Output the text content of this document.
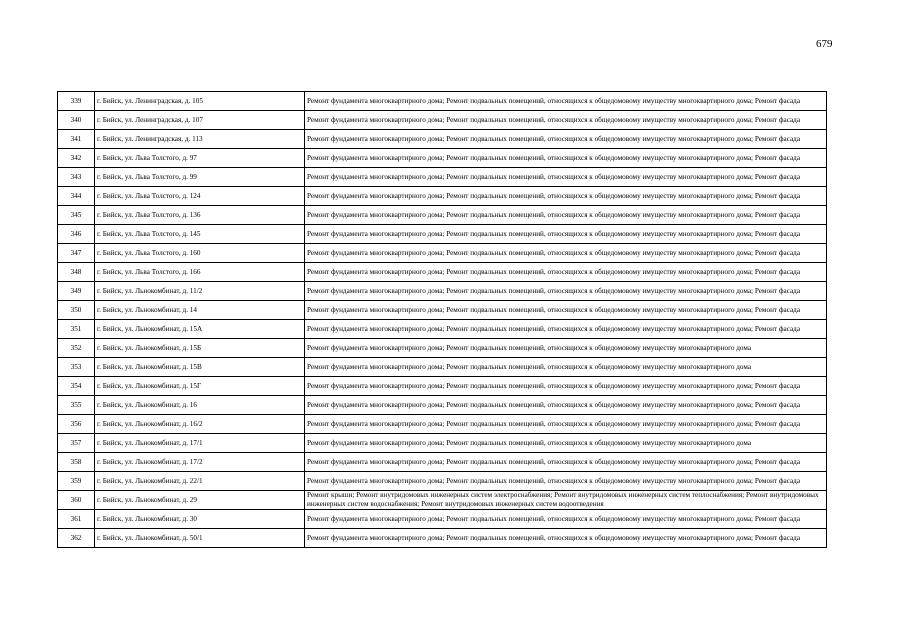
679
339	г. Бийск, ул. Ленинградская, д. 105	Ремонт фундамента многоквартирного дома; Ремонт подвальных помещений, относящихся к общедомовому имуществу многоквартирного дома; Ремонт фасада
340	г. Бийск, ул. Ленинградская, д. 107	Ремонт фундамента многоквартирного дома; Ремонт подвальных помещений, относящихся к общедомовому имуществу многоквартирного дома; Ремонт фасада
341	г. Бийск, ул. Ленинградская, д. 113	Ремонт фундамента многоквартирного дома; Ремонт подвальных помещений, относящихся к общедомовому имуществу многоквартирного дома; Ремонт фасада
342	г. Бийск, ул. Льва Толстого, д. 97	Ремонт фундамента многоквартирного дома; Ремонт подвальных помещений, относящихся к общедомовому имуществу многоквартирного дома; Ремонт фасада
343	г. Бийск, ул. Льва Толстого, д. 99	Ремонт фундамента многоквартирного дома; Ремонт подвальных помещений, относящихся к общедомовому имуществу многоквартирного дома; Ремонт фасада
344	г. Бийск, ул. Льва Толстого, д. 124	Ремонт фундамента многоквартирного дома; Ремонт подвальных помещений, относящихся к общедомовому имуществу многоквартирного дома; Ремонт фасада
345	г. Бийск, ул. Льва Толстого, д. 136	Ремонт фундамента многоквартирного дома; Ремонт подвальных помещений, относящихся к общедомовому имуществу многоквартирного дома; Ремонт фасада
346	г. Бийск, ул. Льва Толстого, д. 145	Ремонт фундамента многоквартирного дома; Ремонт подвальных помещений, относящихся к общедомовому имуществу многоквартирного дома; Ремонт фасада
347	г. Бийск, ул. Льва Толстого, д. 160	Ремонт фундамента многоквартирного дома; Ремонт подвальных помещений, относящихся к общедомовому имуществу многоквартирного дома; Ремонт фасада
348	г. Бийск, ул. Льва Толстого, д. 166	Ремонт фундамента многоквартирного дома; Ремонт подвальных помещений, относящихся к общедомовому имуществу многоквартирного дома; Ремонт фасада
349	г. Бийск, ул. Льнокомбинат, д. 11/2	Ремонт фундамента многоквартирного дома; Ремонт подвальных помещений, относящихся к общедомовому имуществу многоквартирного дома; Ремонт фасада
350	г. Бийск, ул. Льнокомбинат, д. 14	Ремонт фундамента многоквартирного дома; Ремонт подвальных помещений, относящихся к общедомовому имуществу многоквартирного дома; Ремонт фасада
351	г. Бийск, ул. Льнокомбинат, д. 15А	Ремонт фундамента многоквартирного дома; Ремонт подвальных помещений, относящихся к общедомовому имуществу многоквартирного дома; Ремонт фасада
352	г. Бийск, ул. Льнокомбинат, д. 15Б	Ремонт фундамента многоквартирного дома; Ремонт подвальных помещений, относящихся к общедомовому имуществу многоквартирного дома
353	г. Бийск, ул. Льнокомбинат, д. 15В	Ремонт фундамента многоквартирного дома; Ремонт подвальных помещений, относящихся к общедомовому имуществу многоквартирного дома
354	г. Бийск, ул. Льнокомбинат, д. 15Г	Ремонт фундамента многоквартирного дома; Ремонт подвальных помещений, относящихся к общедомовому имуществу многоквартирного дома; Ремонт фасада
355	г. Бийск, ул. Льнокомбинат, д. 16	Ремонт фундамента многоквартирного дома; Ремонт подвальных помещений, относящихся к общедомовому имуществу многоквартирного дома; Ремонт фасада
356	г. Бийск, ул. Льнокомбинат, д. 16/2	Ремонт фундамента многоквартирного дома; Ремонт подвальных помещений, относящихся к общедомовому имуществу многоквартирного дома; Ремонт фасада
357	г. Бийск, ул. Льнокомбинат, д. 17/1	Ремонт фундамента многоквартирного дома; Ремонт подвальных помещений, относящихся к общедомовому имуществу многоквартирного дома
358	г. Бийск, ул. Льнокомбинат, д. 17/2	Ремонт фундамента многоквартирного дома; Ремонт подвальных помещений, относящихся к общедомовому имуществу многоквартирного дома; Ремонт фасада
359	г. Бийск, ул. Льнокомбинат, д. 22/1	Ремонт фундамента многоквартирного дома; Ремонт подвальных помещений, относящихся к общедомовому имуществу многоквартирного дома; Ремонт фасада
360	г. Бийск, ул. Льнокомбинат, д. 29	Ремонт крыши; Ремонт внутридомовых инженерных систем электроснабжения; Ремонт внутридомовых инженерных систем теплоснабжения; Ремонт внутридомовых инженерных систем водоснабжения; Ремонт внутридомовых инженерных систем водоотведения
361	г. Бийск, ул. Льнокомбинат, д. 30	Ремонт фундамента многоквартирного дома; Ремонт подвальных помещений, относящихся к общедомовому имуществу многоквартирного дома; Ремонт фасада
362	г. Бийск, ул. Льнокомбинат, д. 50/1	Ремонт фундамента многоквартирного дома; Ремонт подвальных помещений, относящихся к общедомовому имуществу многоквартирного дома; Ремонт фасада
